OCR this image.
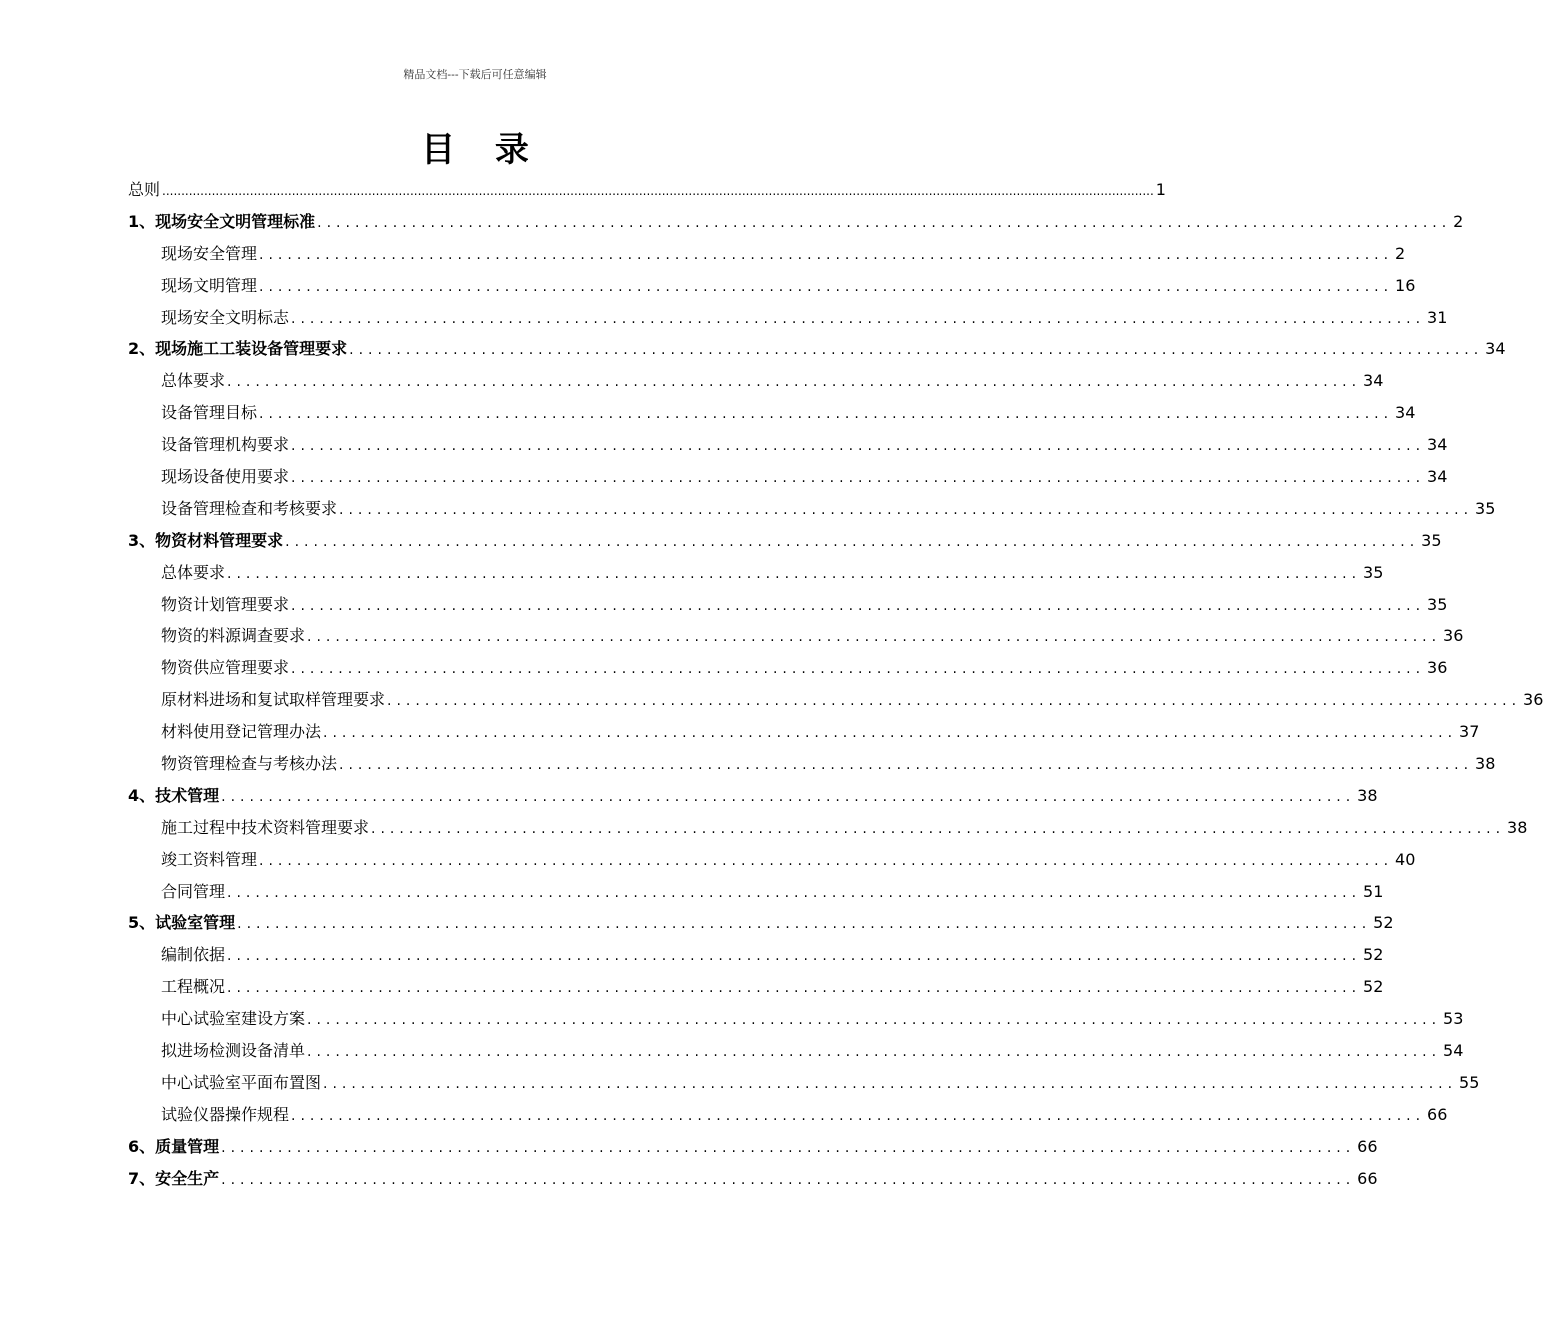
精品文档---下载后可任意编辑
目 录
总则 .................................................................................................................................................................................................................................................................... 1
1、现场安全文明管理标准 ........................................................................................................................ 2
现场安全管理 ........................................................................................................................ 2
现场文明管理 ........................................................................................................................ 16
现场安全文明标志 ........................................................................................................................ 31
2、现场施工工装设备管理要求 ........................................................................................................................ 34
总体要求 ........................................................................................................................ 34
设备管理目标 ........................................................................................................................ 34
设备管理机构要求 ........................................................................................................................ 34
现场设备使用要求 ........................................................................................................................ 34
设备管理检查和考核要求 ........................................................................................................................ 35
3、物资材料管理要求 ........................................................................................................................ 35
总体要求 ........................................................................................................................ 35
物资计划管理要求 ........................................................................................................................ 35
物资的料源调查要求 ........................................................................................................................ 36
物资供应管理要求 ........................................................................................................................ 36
原材料进场和复试取样管理要求 ........................................................................................................................ 36
材料使用登记管理办法 ........................................................................................................................ 37
物资管理检查与考核办法 ........................................................................................................................ 38
4、技术管理 ........................................................................................................................ 38
施工过程中技术资料管理要求 ........................................................................................................................ 38
竣工资料管理 ........................................................................................................................ 40
合同管理 ........................................................................................................................ 51
5、试验室管理 ........................................................................................................................ 52
编制依据 ........................................................................................................................ 52
工程概况 ........................................................................................................................ 52
中心试验室建设方案 ........................................................................................................................ 53
拟进场检测设备清单 ........................................................................................................................ 54
中心试验室平面布置图 ........................................................................................................................ 55
试验仪器操作规程 ........................................................................................................................ 66
6、质量管理 ........................................................................................................................ 66
7、安全生产 ........................................................................................................................ 66
